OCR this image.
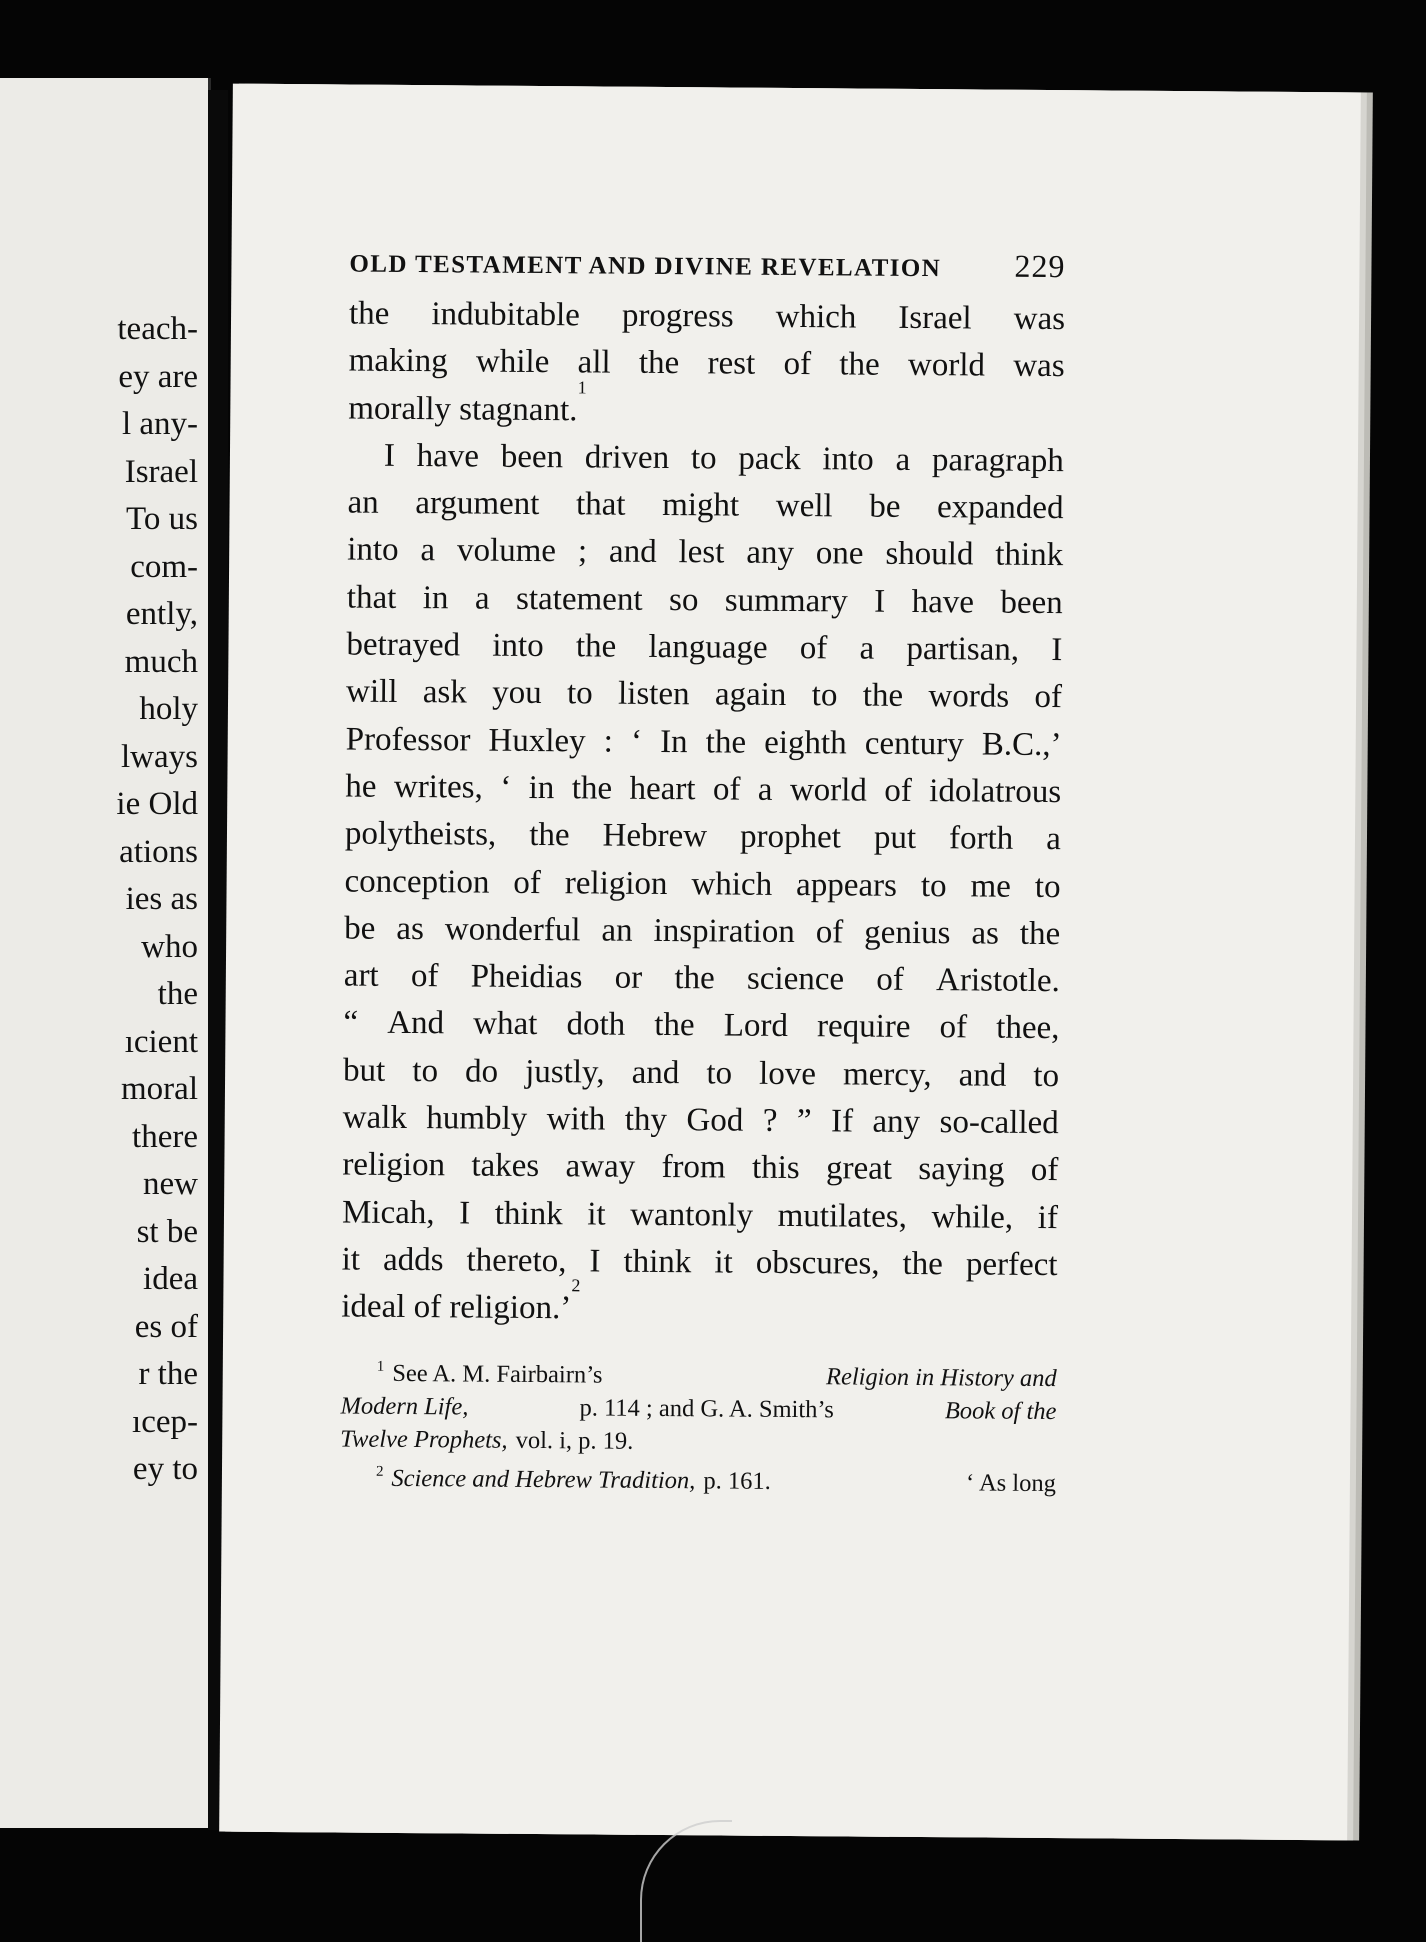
teach-
ey are
l any-
Israel
To us
com-
ently,
much
holy
lways
ie Old
ations
ies as
who
the
ıcient
moral
there
new
st be
idea
es of
r the
ıcep-
ey to
OLD TESTAMENT AND DIVINE REVELATION 229
the indubitable progress which Israel was
making while all the rest of the world was
morally stagnant.
1
I have been driven to pack into a paragraph
an argument that might well be expanded
into a volume ; and lest any one should think
that in a statement so summary I have been
betrayed into the language of a partisan, I
will ask you to listen again to the words of
Professor Huxley : ‘ In the eighth century B.C.,’
he writes, ‘ in the heart of a world of idolatrous
polytheists, the Hebrew prophet put forth a
conception of religion which appears to me to
be as wonderful an inspiration of genius as the
art of Pheidias or the science of Aristotle.
“ And what doth the Lord require of thee,
but to do justly, and to love mercy, and to
walk humbly with thy God ? ” If any so-called
religion takes away from this great saying of
Micah, I think it wantonly mutilates, while, if
it adds thereto, I think it obscures, the perfect
ideal of religion.’
2
$^1$ See A. M. Fairbairn’s	Religion in History and
Modern Life,	p. 114 ; and G. A. Smith’s	Book of the
Twelve Prophets, vol. i, p. 19.
$^2$ Science and Hebrew Tradition, p. 161.	‘ As long
